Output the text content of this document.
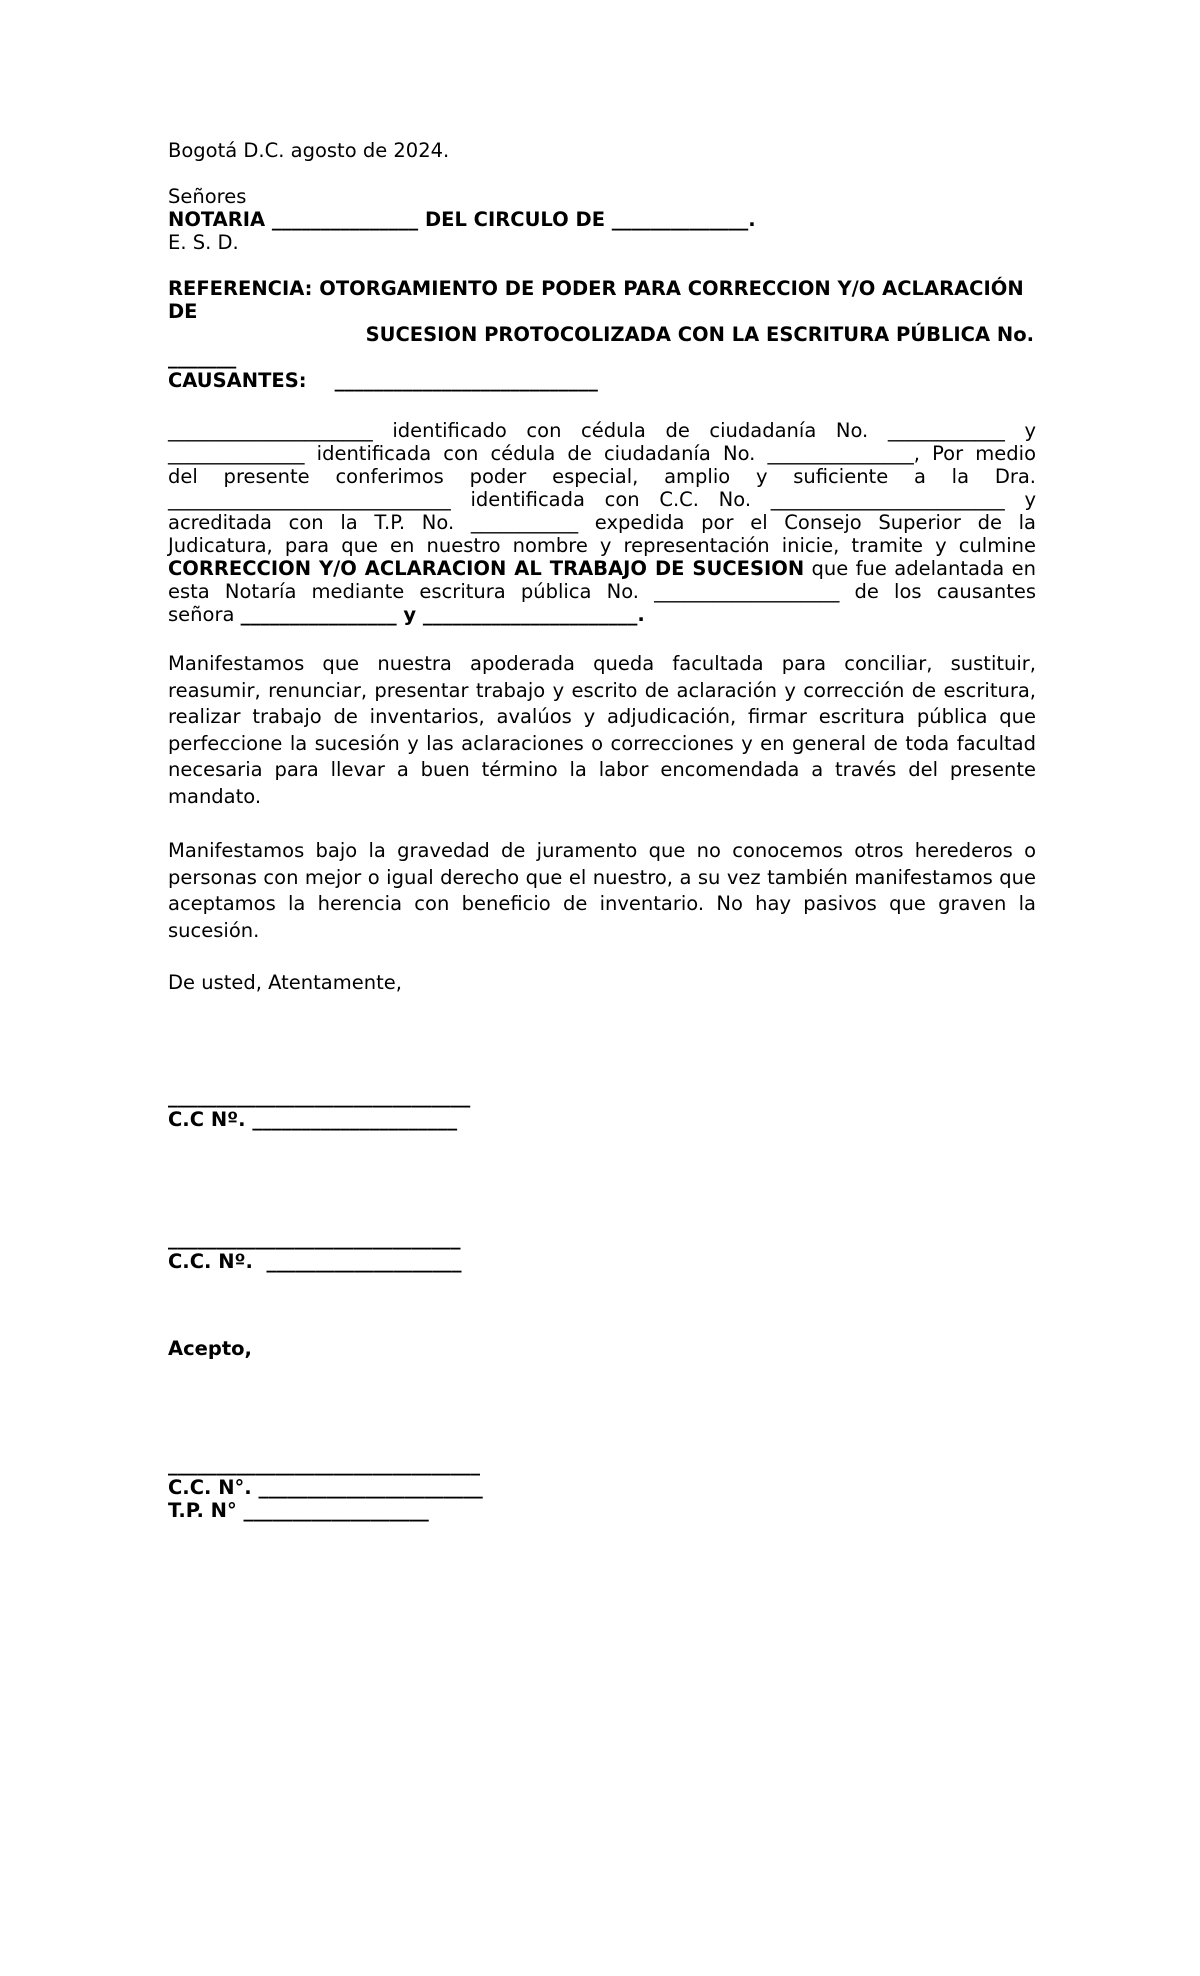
Bogotá D.C. agosto de 2024.
Señores
NOTARIA _______________ DEL CIRCULO DE ______________.
E. S. D.
REFERENCIA: OTORGAMIENTO DE PODER PARA CORRECCION Y/O ACLARACIÓN
DE
SUCESION PROTOCOLIZADA CON LA ESCRITURA PÚBLICA No.
_______
CAUSANTES: ___________________________
_____________________ identificado con cédula de ciudadanía No. ____________ y
______________ identificada con cédula de ciudadanía No. _______________, Por medio
del presente conferimos poder especial, amplio y suficiente a la Dra.
_____________________________ identificada con C.C. No. ________________________ y
acreditada con la T.P. No. ___________ expedida por el Consejo Superior de la
Judicatura, para que en nuestro nombre y representación inicie, tramite y culmine
CORRECCION Y/O ACLARACION AL TRABAJO DE SUCESION que fue adelantada en
esta Notaría mediante escritura pública No. ___________________ de los causantes
señora ________________ y ______________________.
Manifestamos que nuestra apoderada queda facultada para conciliar, sustituir, reasumir, renunciar, presentar trabajo y escrito de aclaración y corrección de escritura, realizar trabajo de inventarios, avalúos y adjudicación, firmar escritura pública que perfeccione la sucesión y las aclaraciones o correcciones y en general de toda facultad necesaria para llevar a buen término la labor encomendada a través del presente mandato.
Manifestamos bajo la gravedad de juramento que no conocemos otros herederos o personas con mejor o igual derecho que el nuestro, a su vez también manifestamos que aceptamos la herencia con beneficio de inventario. No hay pasivos que graven la sucesión.
De usted, Atentamente,
_______________________________
C.C Nº. _____________________
______________________________
C.C. Nº.  ____________________
Acepto,
________________________________
C.C. N°. _______________________
T.P. N° ___________________
